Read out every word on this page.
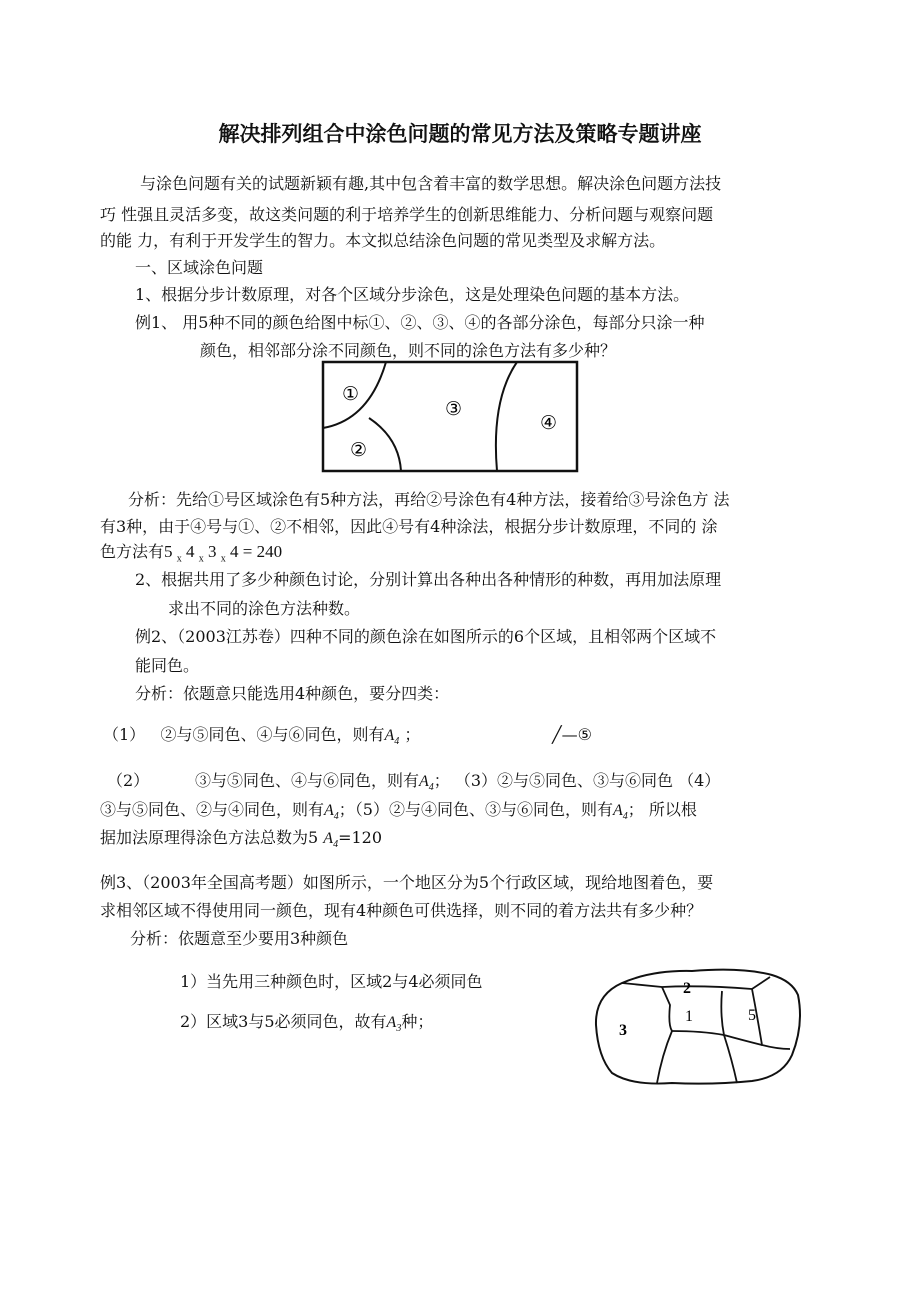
解决排列组合中涂色问题的常见方法及策略专题讲座
与涂色问题有关的试题新颖有趣,其中包含着丰富的数学思想。解决涂色问题方法技
巧 性强且灵活多变，故这类问题的利于培养学生的创新思维能力、分析问题与观察问题
的能 力，有利于开发学生的智力。本文拟总结涂色问题的常见类型及求解方法。
一、区域涂色问题
1、根据分步计数原理，对各个区域分步涂色，这是处理染色问题的基本方法。
例1、 用5种不同的颜色给图中标①、②、③、④的各部分涂色，每部分只涂一种
颜色，相邻部分涂不同颜色，则不同的涂色方法有多少种？
①
②
③
④
分析：先给①号区域涂色有5种方法，再给②号涂色有4种方法，接着给③号涂色方 法
有3种，由于④号与①、②不相邻，因此④号有4种涂法，根据分步计数原理，不同的 涂
色方法有5 $_x$ 4 $_x$ 3 $_x$ 4 = 240
2、根据共用了多少种颜色讨论，分别计算出各种出各种情形的种数，再用加法原理
求出不同的涂色方法种数。
例2、（2003江苏卷）四种不同的颜色涂在如图所示的6个区域，且相邻两个区域不
能同色。
分析：依题意只能选用4种颜色，要分四类：
（1） ②与⑤同色、④与⑥同色，则有$A_4$ ；	╱—⑤
（2）	③与⑤同色、④与⑥同色，则有$A_4$； （3）②与⑤同色、③与⑥同色 （4）
③与⑤同色、②与④同色，则有$A_4$；（5）②与④同色、③与⑥同色，则有$A_4$； 所以根
据加法原理得涂色方法总数为5 $A_4=120$
例3、（2003年全国高考题）如图所示，一个地区分为5个行政区域，现给地图着色，要
求相邻区域不得使用同一颜色，现有4种颜色可供选择，则不同的着方法共有多少种？
分析：依题意至少要用3种颜色
1）当先用三种颜色时，区域2与4必须同色
2）区域3与5必须同色，故有$A_3$种；
2
1	5
3
